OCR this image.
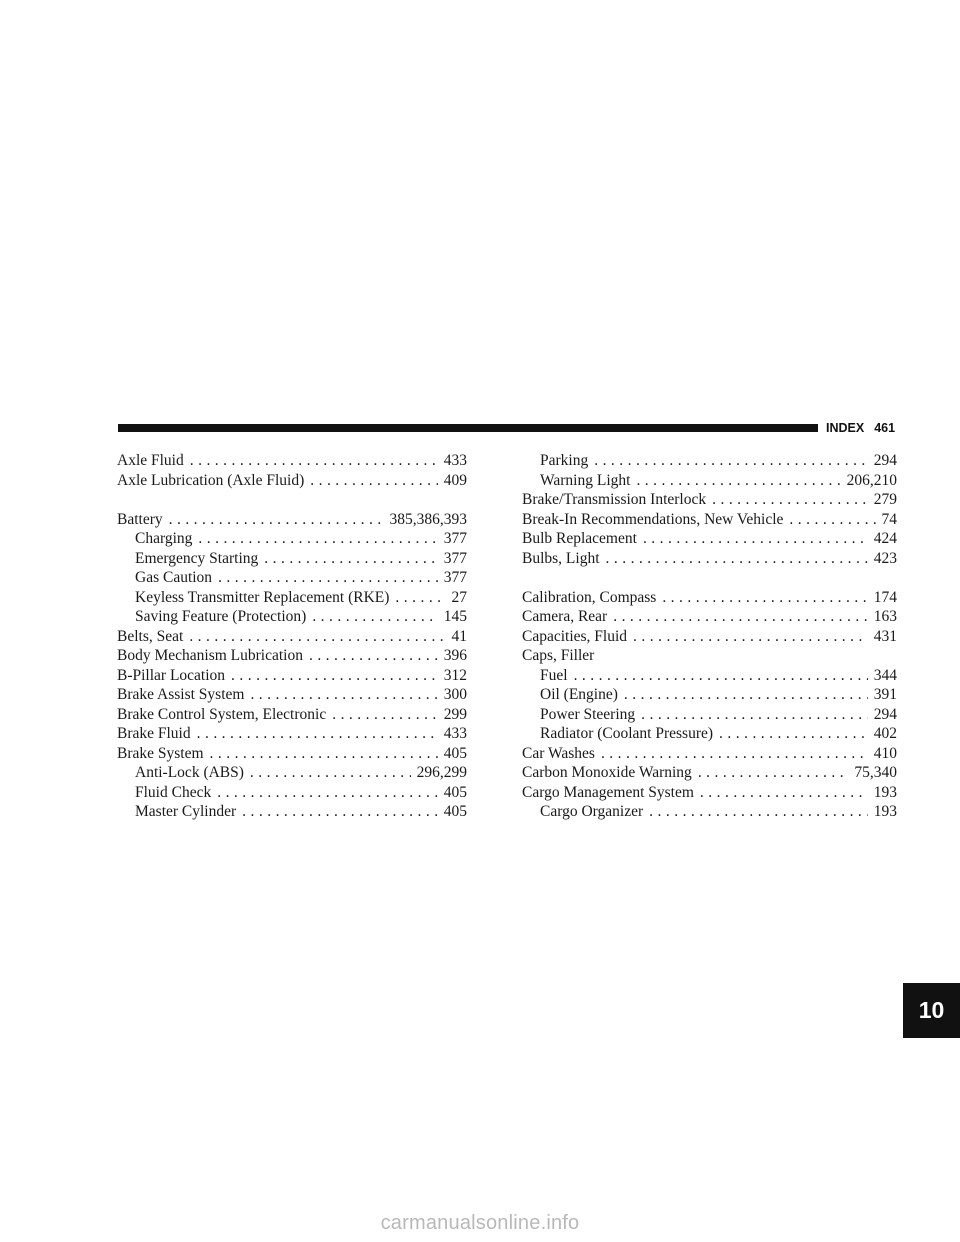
INDEX 461
Axle Fluid . . .	433
Axle Lubrication (Axle Fluid) . . .	409
Battery . . .	385,386,393
Charging . . .	377
Emergency Starting . . .	377
Gas Caution . . .	377
Keyless Transmitter Replacement (RKE) . . .	27
Saving Feature (Protection) . . .	145
Belts, Seat . . .	41
Body Mechanism Lubrication . . .	396
B-Pillar Location . . .	312
Brake Assist System . . .	300
Brake Control System, Electronic . . .	299
Brake Fluid . . .	433
Brake System . . .	405
Anti-Lock (ABS) . . .	296,299
Fluid Check . . .	405
Master Cylinder . . .	405
Parking . . .	294
Warning Light . . .	206,210
Brake/Transmission Interlock . . .	279
Break-In Recommendations, New Vehicle . . .	74
Bulb Replacement . . .	424
Bulbs, Light . . .	423
Calibration, Compass . . .	174
Camera, Rear . . .	163
Capacities, Fluid . . .	431
Caps, Filler
Fuel . . .	344
Oil (Engine) . . .	391
Power Steering . . .	294
Radiator (Coolant Pressure) . . .	402
Car Washes . . .	410
Carbon Monoxide Warning . . .	75,340
Cargo Management System . . .	193
Cargo Organizer . . .	193
10
carmanualsonline.info
